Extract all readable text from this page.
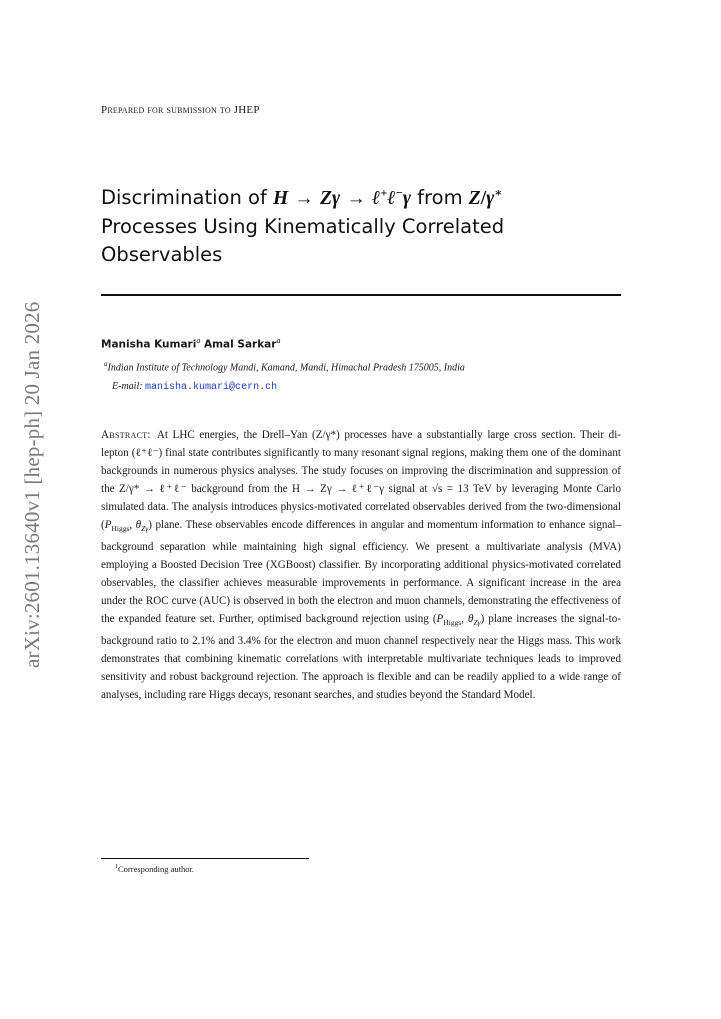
arXiv:2601.13640v1 [hep-ph] 20 Jan 2026
Prepared for submission to JHEP
Discrimination of H → Zγ → ℓ+ℓ−γ from Z/γ∗
Processes Using Kinematically Correlated
Observables
Manisha Kumari$^a$ Amal Sarkar$^a$
$^a$Indian Institute of Technology Mandi, Kamand, Mandi, Himachal Pradesh 175005, India
E-mail: manisha.kumari@cern.ch
Abstract: At LHC energies, the Drell–Yan (Z/γ*) processes have a substantially large cross section. Their di-lepton (ℓ⁺ℓ⁻) final state contributes significantly to many resonant signal regions, making them one of the dominant backgrounds in numerous physics analyses. The study focuses on improving the discrimination and suppression of the Z/γ* → ℓ⁺ℓ⁻ background from the H → Zγ → ℓ⁺ℓ⁻γ signal at √s = 13 TeV by leveraging Monte Carlo simulated data. The analysis introduces physics-motivated correlated observables derived from the two-dimensional ($P_{Higgs}$, $\theta_{Z\gamma}$) plane. These observables encode differences in angular and momentum information to enhance signal–background separation while maintaining high signal efficiency. We present a multivariate analysis (MVA) employing a Boosted Decision Tree (XGBoost) classifier. By incorporating additional physics-motivated correlated observables, the classifier achieves measurable improvements in performance. A significant increase in the area under the ROC curve (AUC) is observed in both the electron and muon channels, demonstrating the effectiveness of the expanded feature set. Further, optimised background rejection using ($P_{Higgs}$, $\theta_{Z\gamma}$) plane increases the signal-to-background ratio to 2.1% and 3.4% for the electron and muon channel respectively near the Higgs mass. This work demonstrates that combining kinematic correlations with interpretable multivariate techniques leads to improved sensitivity and robust background rejection. The approach is flexible and can be readily applied to a wide range of analyses, including rare Higgs decays, resonant searches, and studies beyond the Standard Model.
$^1$Corresponding author.
